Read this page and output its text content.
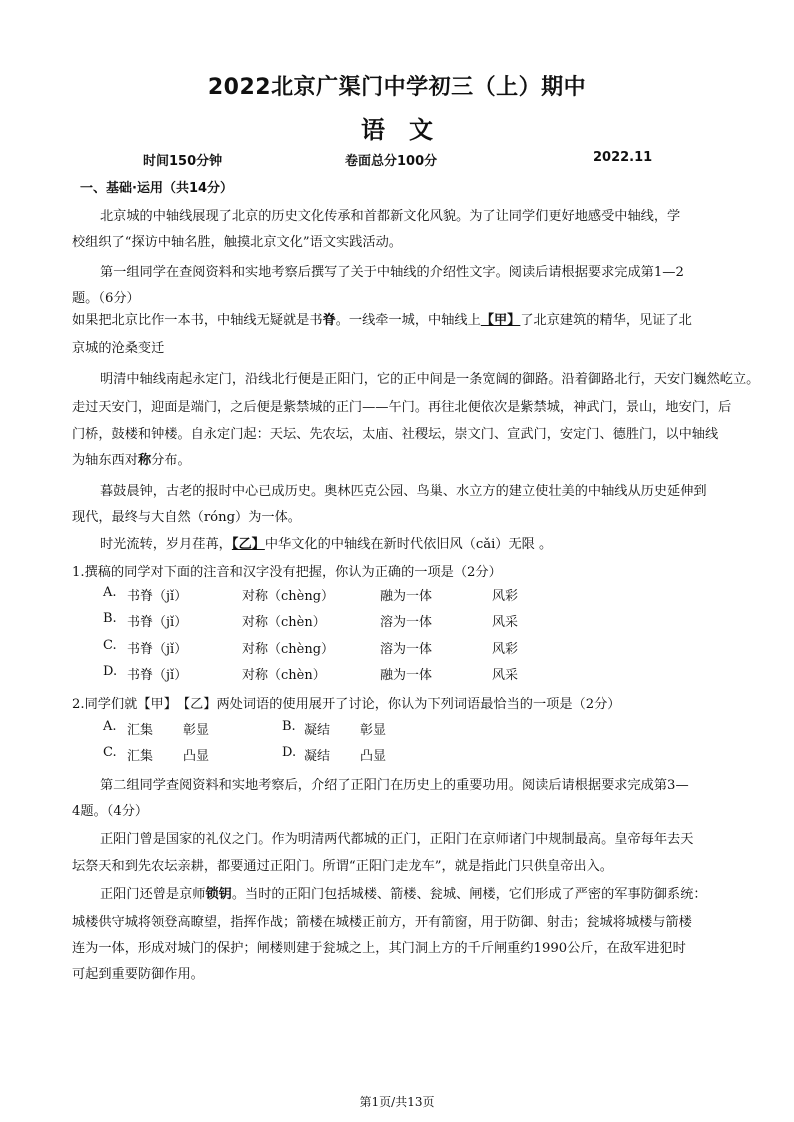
2022北京广渠门中学初三（上）期中
语　文
时间150分钟	卷面总分100分	2022.11
一、基础·运用（共14分）
北京城的中轴线展现了北京的历史文化传承和首都新文化风貌。为了让同学们更好地感受中轴线，学
校组织了“探访中轴名胜，触摸北京文化”语文实践活动。
第一组同学在查阅资料和实地考察后撰写了关于中轴线的介绍性文字。阅读后请根据要求完成第1—2
题。（6分）
如果把北京比作一本书，中轴线无疑就是书脊。一线牵一城，中轴线上【甲】了北京建筑的精华，见证了北
京城的沧桑变迁
明清中轴线南起永定门，沿线北行便是正阳门，它的正中间是一条宽阔的御路。沿着御路北行，天安门巍然屹立。
走过天安门，迎面是端门，之后便是紫禁城的正门——午门。再往北便依次是紫禁城，神武门，景山，地安门，后
门桥，鼓楼和钟楼。自永定门起：天坛、先农坛，太庙、社稷坛，崇文门、宣武门，安定门、德胜门，以中轴线
为轴东西对称分布。
暮鼓晨钟，古老的报时中心已成历史。奥林匹克公园、鸟巢、水立方的建立使壮美的中轴线从历史延伸到
现代，最终与大自然（róng）为一体。
时光流转，岁月荏苒，【乙】中华文化的中轴线在新时代依旧风（cǎi）无限 。
1.撰稿的同学对下面的注音和汉字没有把握，你认为正确的一项是（2分）
A. 书脊（jǐ）	对称（chèng）	融为一体	风彩
B. 书脊（jǐ）	对称（chèn）	溶为一体	风采
C. 书脊（jǐ）	对称（chèng）	溶为一体	风彩
D. 书脊（jǐ）	对称（chèn）	融为一体	风采
2.同学们就【甲】　【乙】两处词语的使用展开了讨论，你认为下列词语最恰当的一项是（2分）
A. 汇集 彰显	B. 凝结 彰显
C. 汇集 凸显	D. 凝结 凸显
第二组同学查阅资料和实地考察后，介绍了正阳门在历史上的重要功用。阅读后请根据要求完成第3—
4题。（4分）
正阳门曾是国家的礼仪之门。作为明清两代都城的正门，正阳门在京师诸门中规制最高。皇帝每年去天
坛祭天和到先农坛亲耕，都要通过正阳门。所谓“正阳门走龙车”，就是指此门只供皇帝出入。
正阳门还曾是京师锁钥。当时的正阳门包括城楼、箭楼、瓮城、闸楼，它们形成了严密的军事防御系统：
城楼供守城将领登高瞭望，指挥作战；箭楼在城楼正前方，开有箭窗，用于防御、射击；瓮城将城楼与箭楼
连为一体，形成对城门的保护；闸楼则建于瓮城之上，其门洞上方的千斤闸重约1990公斤，在敌军进犯时
可起到重要防御作用。
第1页/共13页
